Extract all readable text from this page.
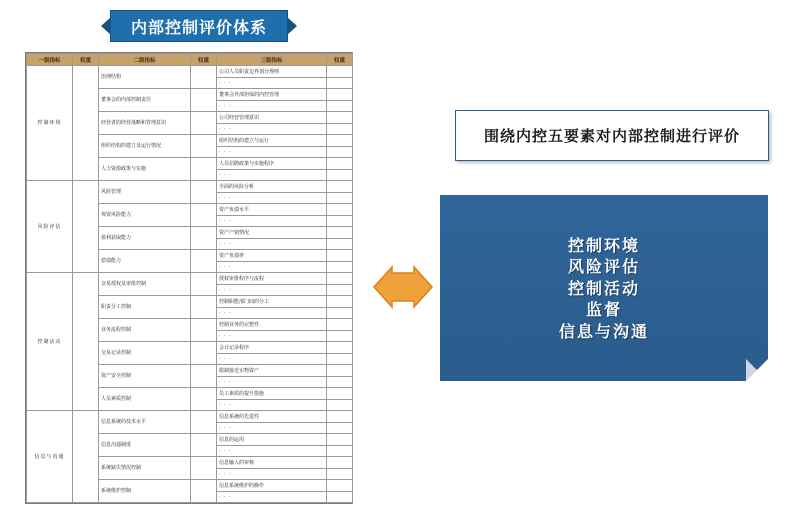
内部控制评价体系
一级指标	权重	二级指标	权重	三级指标	权重
控制环境		治理结构		公司人员职责边界划分规则	
				· · ·	
		董事会的内部控制责任		董事会外部担保的内控管理	
				· · ·	
		经营者的经营战略和管理意识		公司经营管理意识	
				· · ·	
		组织结构的建立及运行情况		组织结构的建立与运行	
				· · ·	
		人力资源政策与实施		人员招聘政策与实施程序	
				· · ·	
风险评估		风险管理		全面的风险分析	
				· · ·	
		筹资风险能力		资产负债水平	
				· · ·	
		盈利获取能力		资产产销情况	
				· · ·	
		偿债能力		资产负债率	
				· · ·	
控制活动		交易授权及审批控制		授权审批程序与流程	
				· · ·	
		职责分工控制		控制职能部门间的分工	
				· · ·	
		业务流程控制		控制业务的完整性	
				· · ·	
		交易记录控制		会计记录程序	
				· · ·	
		资产安全控制		限制接近实物资产	
				· · ·	
		人员素质控制		员工素质的提升措施	
				· · ·	
信息与沟通		信息系统的技术水平		信息系统的先进性	
				· · ·	
		信息沟通制度		信息的运用	
				· · ·	
		系统缺失情况控制		信息输入的审核	
				· · ·	
		系统维护控制		信息系统维护的操作	
				· · ·	
围绕内控五要素对内部控制进行评价
控制环境
风险评估
控制活动
监督
信息与沟通
